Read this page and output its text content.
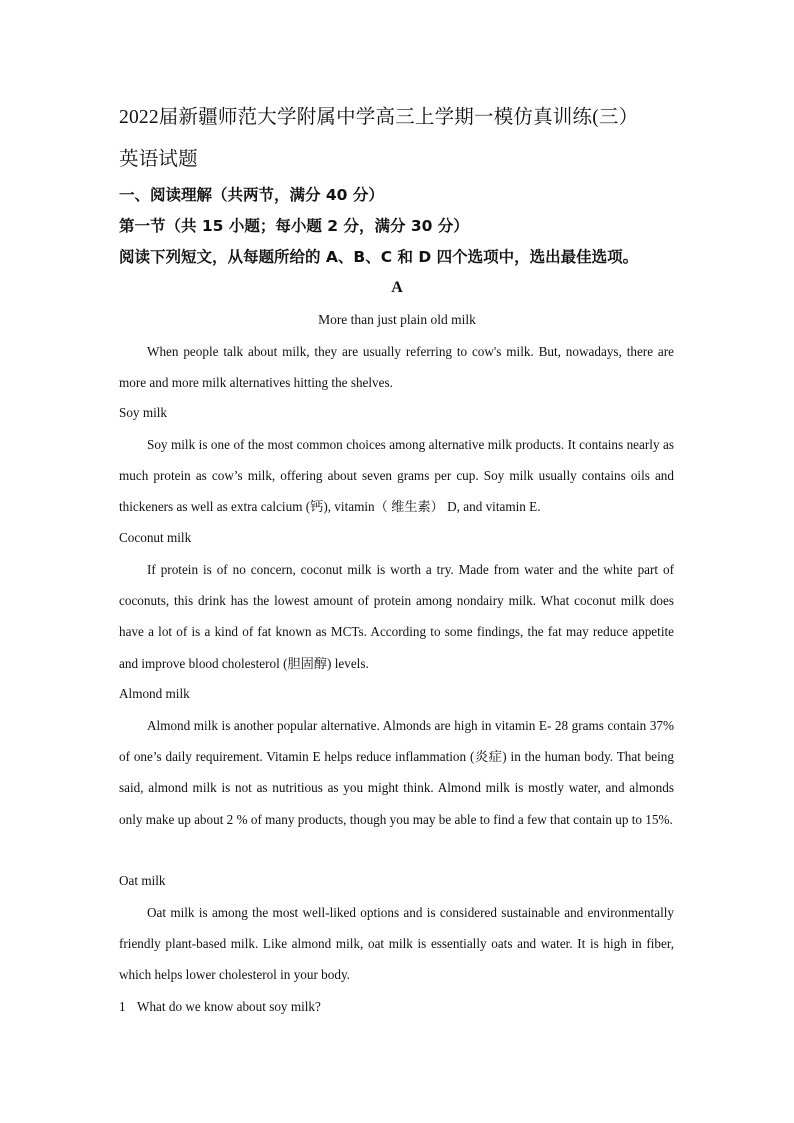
2022届新疆师范大学附属中学高三上学期一模仿真训练(三）
英语试题
一、阅读理解（共两节，满分 40 分）
第一节（共 15 小题；每小题 2 分，满分 30 分）
阅读下列短文，从每题所给的 A、B、C 和 D 四个选项中，选出最佳选项。
A
More than just plain old milk
When people talk about milk, they are usually referring to cow's milk. But, nowadays, there are more and more milk alternatives hitting the shelves.
Soy milk
Soy milk is one of the most common choices among alternative milk products. It contains nearly as much protein as cow’s milk, offering about seven grams per cup. Soy milk usually contains oils and thickeners as well as extra calcium (钙), vitamin（ 维生素） D, and vitamin E.
Coconut milk
If protein is of no concern, coconut milk is worth a try. Made from water and the white part of coconuts, this drink has the lowest amount of protein among nondairy milk. What coconut milk does have a lot of is a kind of fat known as MCTs. According to some findings, the fat may reduce appetite and improve blood cholesterol (胆固醇) levels.
Almond milk
Almond milk is another popular alternative. Almonds are high in vitamin E- 28 grams contain 37% of one’s daily requirement. Vitamin E helps reduce inflammation (炎症) in the human body. That being said, almond milk is not as nutritious as you might think. Almond milk is mostly water, and almonds only make up about 2 % of many products, though you may be able to find a few that contain up to 15%.
Oat milk
Oat milk is among the most well-liked options and is considered sustainable and environmentally friendly plant-based milk. Like almond milk, oat milk is essentially oats and water. It is high in fiber, which helps lower cholesterol in your body.
1 What do we know about soy milk?
